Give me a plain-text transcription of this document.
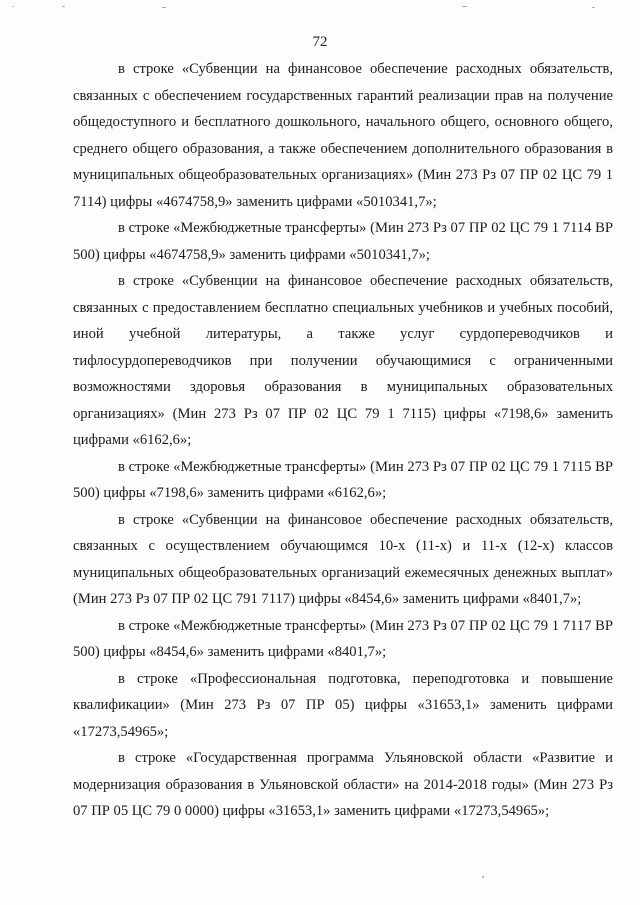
72

в строке «Субвенции на финансовое обеспечение расходных обязательств, связанных с обеспечением государственных гарантий реализации прав на получение общедоступного и бесплатного дошкольного, начального общего, основного общего, среднего общего образования, а также обеспечением дополнительного образования в муниципальных общеобразовательных организациях» (Мин 273 Рз 07 ПР 02 ЦС 79 1 7114) цифры «4674758,9» заменить цифрами «5010341,7»;

в строке «Межбюджетные трансферты» (Мин 273 Рз 07 ПР 02 ЦС 79 1 7114 ВР 500) цифры «4674758,9» заменить цифрами «5010341,7»;

в строке «Субвенции на финансовое обеспечение расходных обязательств, связанных с предоставлением бесплатно специальных учебников и учебных пособий, иной учебной литературы, а также услуг сурдопереводчиков и тифлосурдопереводчиков при получении обучающимися с ограниченными возможностями здоровья образования в муниципальных образовательных организациях» (Мин 273 Рз 07 ПР 02 ЦС 79 1 7115) цифры «7198,6» заменить цифрами «6162,6»;

в строке «Межбюджетные трансферты» (Мин 273 Рз 07 ПР 02 ЦС 79 1 7115 ВР 500) цифры «7198,6» заменить цифрами «6162,6»;

в строке «Субвенции на финансовое обеспечение расходных обязательств, связанных с осуществлением обучающимся 10-х (11-х) и 11-х (12-х) классов муниципальных общеобразовательных организаций ежемесячных денежных выплат» (Мин 273 Рз 07 ПР 02 ЦС 791 7117) цифры «8454,6» заменить цифрами «8401,7»;

в строке «Межбюджетные трансферты» (Мин 273 Рз 07 ПР 02 ЦС 79 1 7117 ВР 500) цифры «8454,6» заменить цифрами «8401,7»;

в строке «Профессиональная подготовка, переподготовка и повышение квалификации» (Мин 273 Рз 07 ПР 05) цифры «31653,1» заменить цифрами «17273,54965»;

в строке «Государственная программа Ульяновской области «Развитие и модернизация образования в Ульяновской области» на 2014-2018 годы» (Мин 273 Рз 07 ПР 05 ЦС 79 0 0000) цифры «31653,1» заменить цифрами «17273,54965»;
